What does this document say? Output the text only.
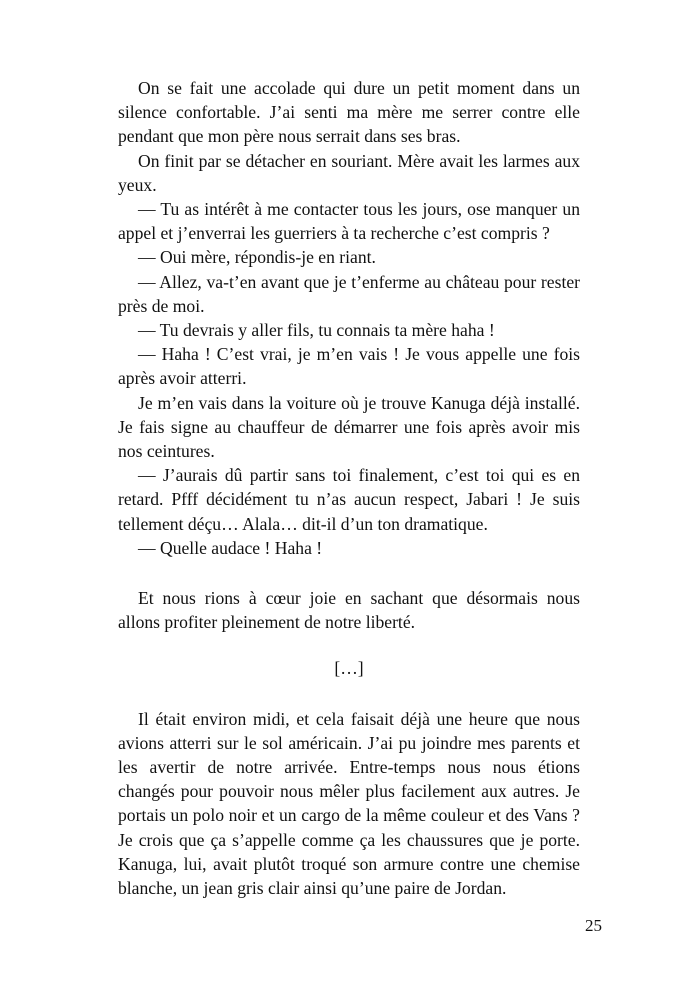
On se fait une accolade qui dure un petit moment dans un silence confortable. J’ai senti ma mère me serrer contre elle pendant que mon père nous serrait dans ses bras.

On finit par se détacher en souriant. Mère avait les larmes aux yeux.

— Tu as intérêt à me contacter tous les jours, ose manquer un appel et j’enverrai les guerriers à ta recherche c’est compris ?

— Oui mère, répondis-je en riant.

— Allez, va-t’en avant que je t’enferme au château pour rester près de moi.

— Tu devrais y aller fils, tu connais ta mère haha !

— Haha ! C’est vrai, je m’en vais ! Je vous appelle une fois après avoir atterri.

Je m’en vais dans la voiture où je trouve Kanuga déjà installé. Je fais signe au chauffeur de démarrer une fois après avoir mis nos ceintures.

— J’aurais dû partir sans toi finalement, c’est toi qui es en retard. Pfff décidément tu n’as aucun respect, Jabari ! Je suis tellement déçu… Alala… dit-il d’un ton dramatique.

— Quelle audace ! Haha !

Et nous rions à cœur joie en sachant que désormais nous allons profiter pleinement de notre liberté.

[…]

Il était environ midi, et cela faisait déjà une heure que nous avions atterri sur le sol américain. J’ai pu joindre mes parents et les avertir de notre arrivée. Entre-temps nous nous étions changés pour pouvoir nous mêler plus facilement aux autres. Je portais un polo noir et un cargo de la même couleur et des Vans ? Je crois que ça s’appelle comme ça les chaussures que je porte. Kanuga, lui, avait plutôt troqué son armure contre une chemise blanche, un jean gris clair ainsi qu’une paire de Jordan.

25
